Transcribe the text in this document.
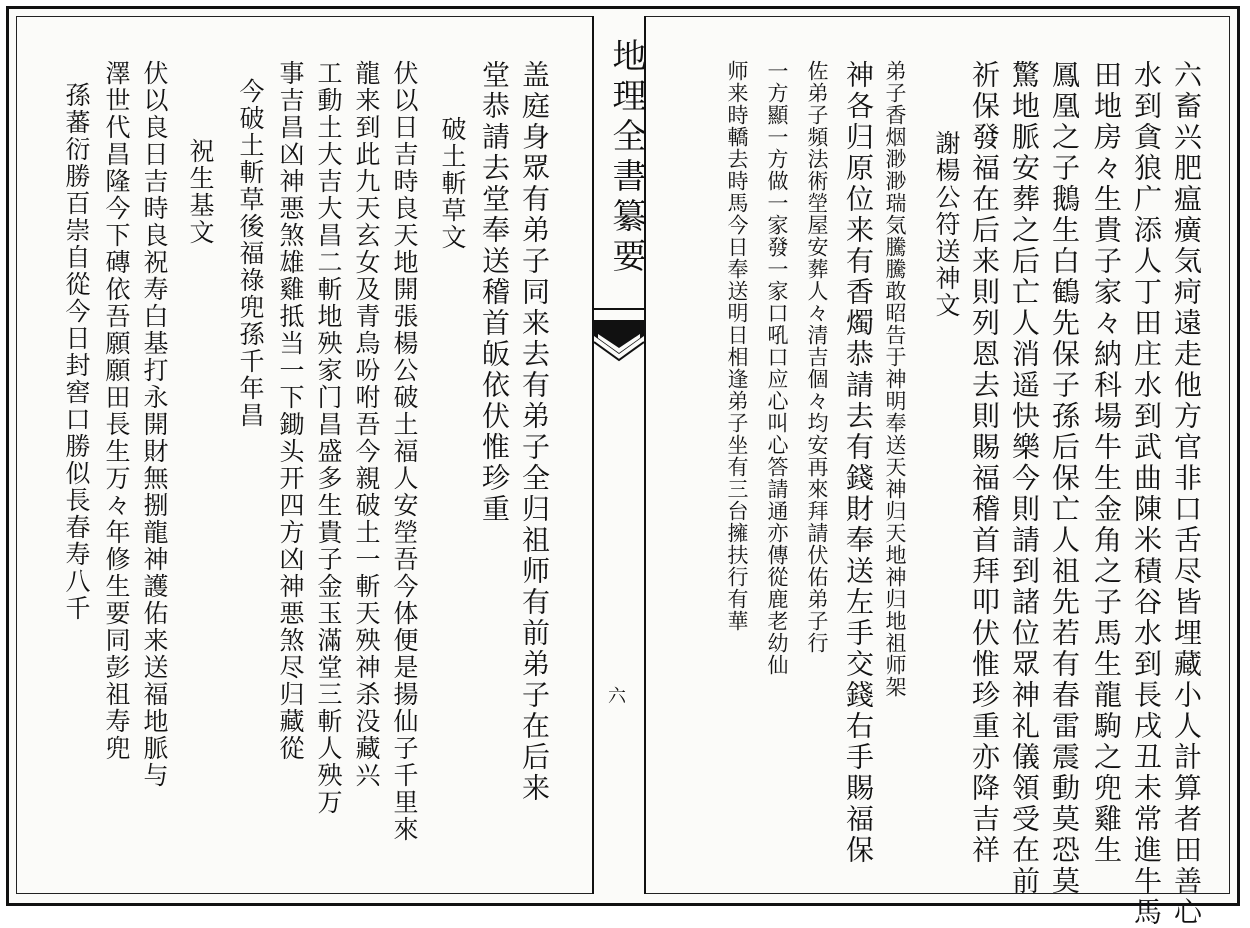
六畜兴肥瘟癀気疴遠走他方官非口舌尽皆埋藏小人計算者田善心
水到貪狼广添人丁田庄水到武曲陳米積谷水到長戌丑未常進牛馬
田地房々生貴子家々納科場牛生金角之子馬生龍駒之兜雞生
鳳凰之子鵝生白鶴先保子孫后保亡人祖先若有春雷震動莫恐莫
驚地脈安葬之后亡人消遥快樂今則請到諸位眾神礼儀領受在前
祈保發福在后来則列恩去則賜福稽首拜叩伏惟珍重亦降吉祥
謝楊公符送神文
弟子香烟渺渺瑞気騰騰敢昭告于神明奉送天神归天地神归地祖师架
神各归原位来有香燭恭請去有錢財奉送左手交錢右手賜福保
佐弟子頻法術塋屋安葬人々清吉個々均安再來拜請伏佑弟子行
一方顯一方做一家發一家口吼口应心叫心答請通亦傳從鹿老幼仙
师来時轎去時馬今日奉送明日相逢弟子坐有三台擁扶行有華
地理全書纂要
六
盖庭身眾有弟子同来去有弟子全归祖师有前弟子在后来
堂恭請去堂奉送稽首皈依伏惟珍重
破土斬草文
伏以日吉時良天地開張楊公破土福人安塋吾今体便是揚仙子千里來
龍来到此九天玄女及青烏吩咐吾今親破土一斬天殃神杀没藏兴
工動土大吉大昌二斬地殃家门昌盛多生貴子金玉滿堂三斬人殃万
事吉昌凶神悪煞雄雞抵当一下鋤头开四方凶神悪煞尽归藏從
今破土斬草後福祿兜孫千年昌
祝生基文
伏以良日吉時良祝寿白基打永開財無捌龍神護佑来送福地脈与
澤世代昌隆今下磚依吾願願田長生万々年修生要同彭祖寿兜
孫蕃衍勝百崇自從今日封窖口勝似長春寿八千
